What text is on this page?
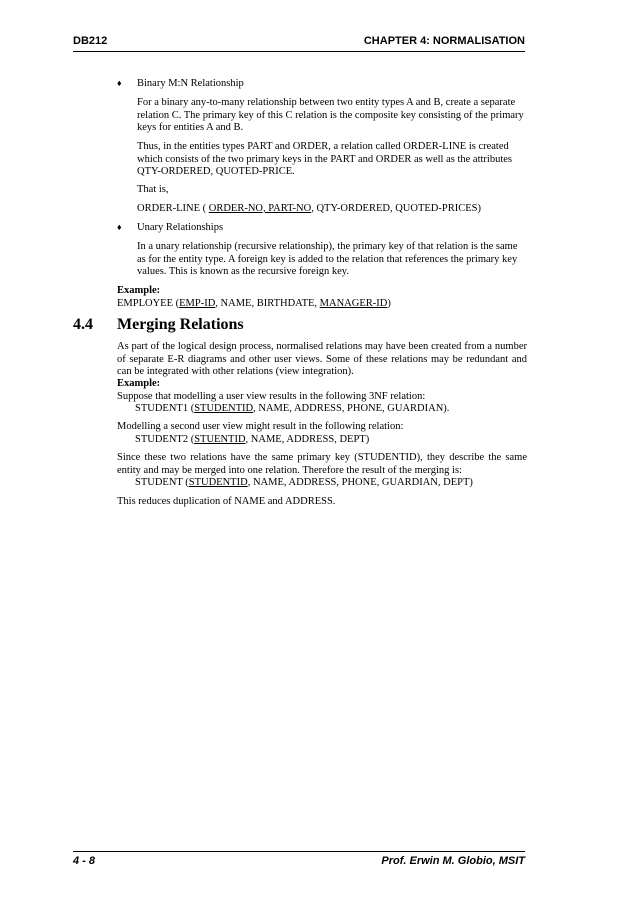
DB212	CHAPTER 4: NORMALISATION
♦ Binary M:N Relationship

For a binary any-to-many relationship between two entity types A and B, create a separate relation C. The primary key of this C relation is the composite key consisting of the primary keys for entities A and B.

Thus, in the entities types PART and ORDER, a relation called ORDER-LINE is created which consists of the two primary keys in the PART and ORDER as well as the attributes QTY-ORDERED, QUOTED-PRICE.

That is,

ORDER-LINE ( ORDER-NO, PART-NO, QTY-ORDERED, QUOTED-PRICES)
♦ Unary Relationships

In a unary relationship (recursive relationship), the primary key of that relation is the same as for the entity type. A foreign key is added to the relation that references the primary key values. This is known as the recursive foreign key.

Example:
EMPLOYEE (EMP-ID, NAME, BIRTHDATE, MANAGER-ID)
4.4 Merging Relations

As part of the logical design process, normalised relations may have been created from a number of separate E-R diagrams and other user views. Some of these relations may be redundant and can be integrated with other relations (view integration).

Example:
Suppose that modelling a user view results in the following 3NF relation:
STUDENT1 (STUDENTID, NAME, ADDRESS, PHONE, GUARDIAN).
Modelling a second user view might result in the following relation:
STUDENT2 (STUENTID, NAME, ADDRESS, DEPT)
Since these two relations have the same primary key (STUDENTID), they describe the same entity and may be merged into one relation. Therefore the result of the merging is:
STUDENT (STUDENTID, NAME, ADDRESS, PHONE, GUARDIAN, DEPT)
This reduces duplication of NAME and ADDRESS.
4 - 8	Prof. Erwin M. Globio, MSIT
